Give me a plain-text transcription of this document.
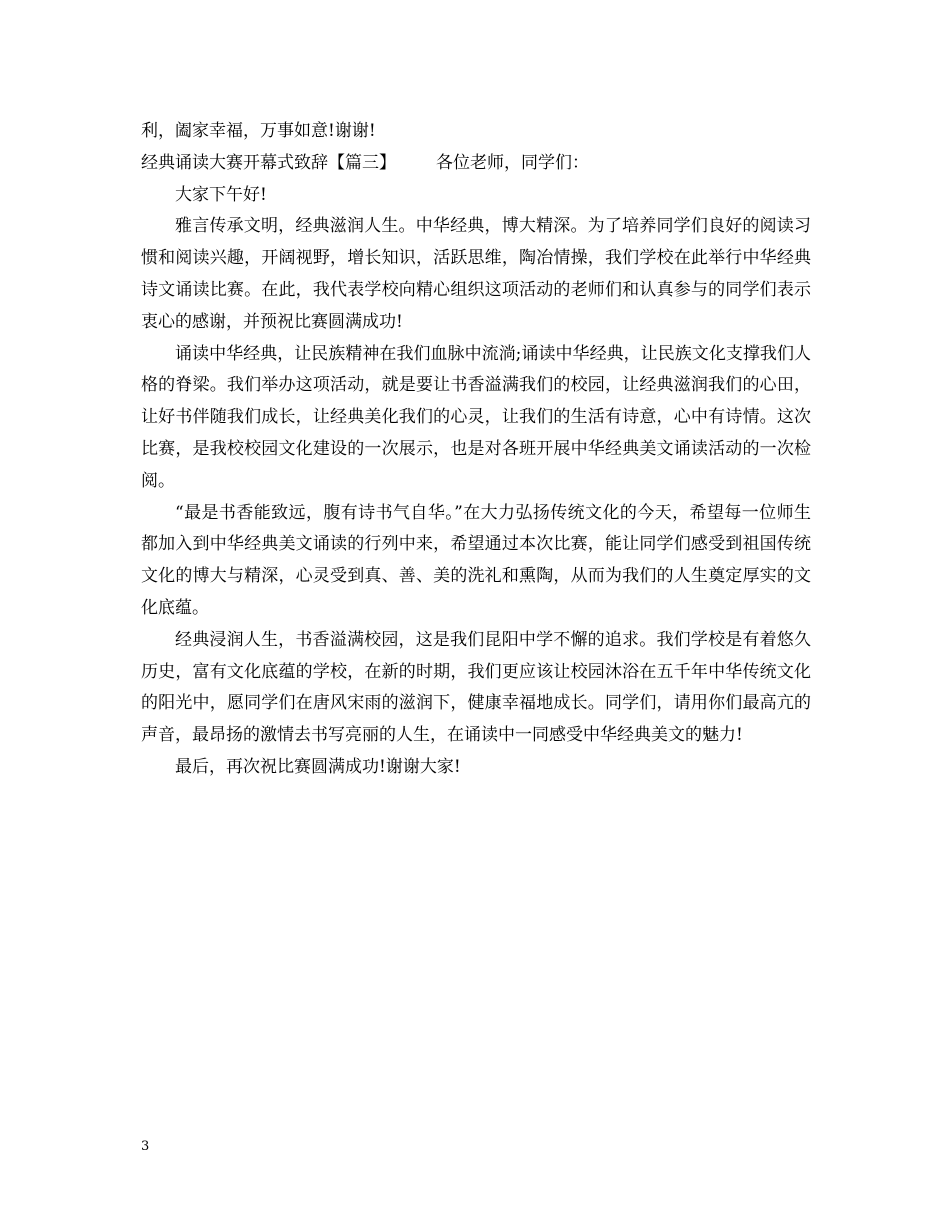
利，阖家幸福，万事如意!谢谢!

经典诵读大赛开幕式致辞【篇三】 各位老师，同学们：

大家下午好!

雅言传承文明，经典滋润人生。中华经典，博大精深。为了培养同学们良好的阅读习惯和阅读兴趣，开阔视野，增长知识，活跃思维，陶冶情操，我们学校在此举行中华经典诗文诵读比赛。在此，我代表学校向精心组织这项活动的老师们和认真参与的同学们表示衷心的感谢，并预祝比赛圆满成功!

诵读中华经典，让民族精神在我们血脉中流淌;诵读中华经典，让民族文化支撑我们人格的脊梁。我们举办这项活动，就是要让书香溢满我们的校园，让经典滋润我们的心田，让好书伴随我们成长，让经典美化我们的心灵，让我们的生活有诗意，心中有诗情。这次比赛，是我校校园文化建设的一次展示，也是对各班开展中华经典美文诵读活动的一次检阅。

“最是书香能致远，腹有诗书气自华。”在大力弘扬传统文化的今天，希望每一位师生都加入到中华经典美文诵读的行列中来，希望通过本次比赛，能让同学们感受到祖国传统文化的博大与精深，心灵受到真、善、美的洗礼和熏陶，从而为我们的人生奠定厚实的文化底蕴。

经典浸润人生，书香溢满校园，这是我们昆阳中学不懈的追求。我们学校是有着悠久历史，富有文化底蕴的学校，在新的时期，我们更应该让校园沐浴在五千年中华传统文化的阳光中，愿同学们在唐风宋雨的滋润下，健康幸福地成长。同学们，请用你们最高亢的声音，最昂扬的激情去书写亮丽的人生，在诵读中一同感受中华经典美文的魅力!

最后，再次祝比赛圆满成功!谢谢大家!

3
